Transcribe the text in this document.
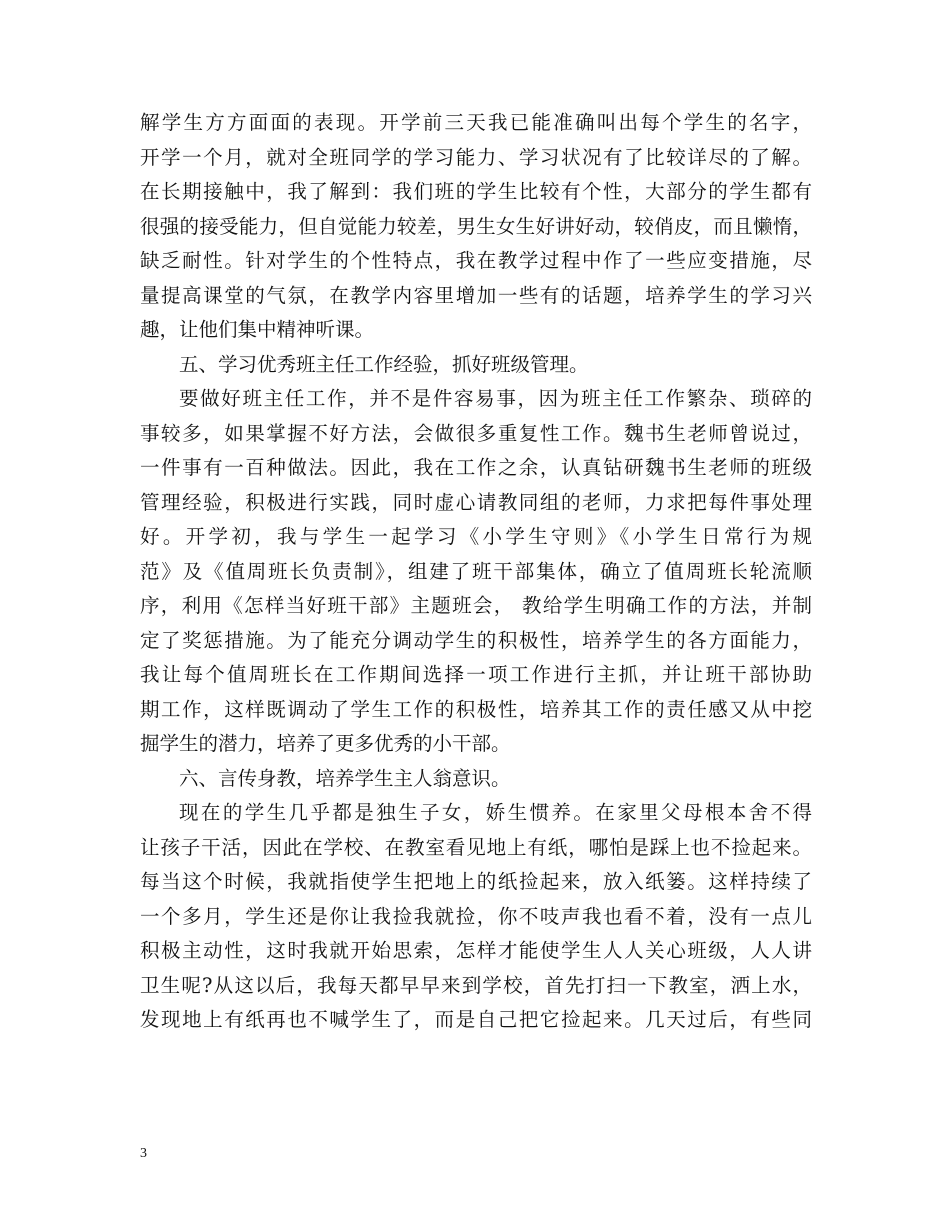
解学生方方面面的表现。开学前三天我已能准确叫出每个学生的名字，
开学一个月，就对全班同学的学习能力、学习状况有了比较详尽的了解。
在长期接触中，我了解到：我们班的学生比较有个性，大部分的学生都有
很强的接受能力，但自觉能力较差，男生女生好讲好动，较俏皮，而且懒惰，
缺乏耐性。针对学生的个性特点，我在教学过程中作了一些应变措施，尽
量提高课堂的气氛，在教学内容里增加一些有的话题，培养学生的学习兴
趣，让他们集中精神听课。
五、学习优秀班主任工作经验，抓好班级管理。
要做好班主任工作，并不是件容易事，因为班主任工作繁杂、琐碎的
事较多，如果掌握不好方法，会做很多重复性工作。魏书生老师曾说过，
一件事有一百种做法。因此，我在工作之余，认真钻研魏书生老师的班级
管理经验，积极进行实践，同时虚心请教同组的老师，力求把每件事处理
好。开学初，我与学生一起学习《小学生守则》《小学生日常行为规
范》及《值周班长负责制》，组建了班干部集体，确立了值周班长轮流顺
序，利用《怎样当好班干部》主题班会， 教给学生明确工作的方法，并制
定了奖惩措施。为了能充分调动学生的积极性，培养学生的各方面能力，
我让每个值周班长在工作期间选择一项工作进行主抓，并让班干部协助
期工作，这样既调动了学生工作的积极性，培养其工作的责任感又从中挖
掘学生的潜力，培养了更多优秀的小干部。
六、言传身教，培养学生主人翁意识。
现在的学生几乎都是独生子女，娇生惯养。在家里父母根本舍不得
让孩子干活，因此在学校、在教室看见地上有纸，哪怕是踩上也不捡起来。
每当这个时候，我就指使学生把地上的纸捡起来，放入纸篓。这样持续了
一个多月，学生还是你让我捡我就捡，你不吱声我也看不着，没有一点儿
积极主动性，这时我就开始思索，怎样才能使学生人人关心班级，人人讲
卫生呢?从这以后，我每天都早早来到学校，首先打扫一下教室，洒上水，
发现地上有纸再也不喊学生了，而是自己把它捡起来。几天过后，有些同
3
